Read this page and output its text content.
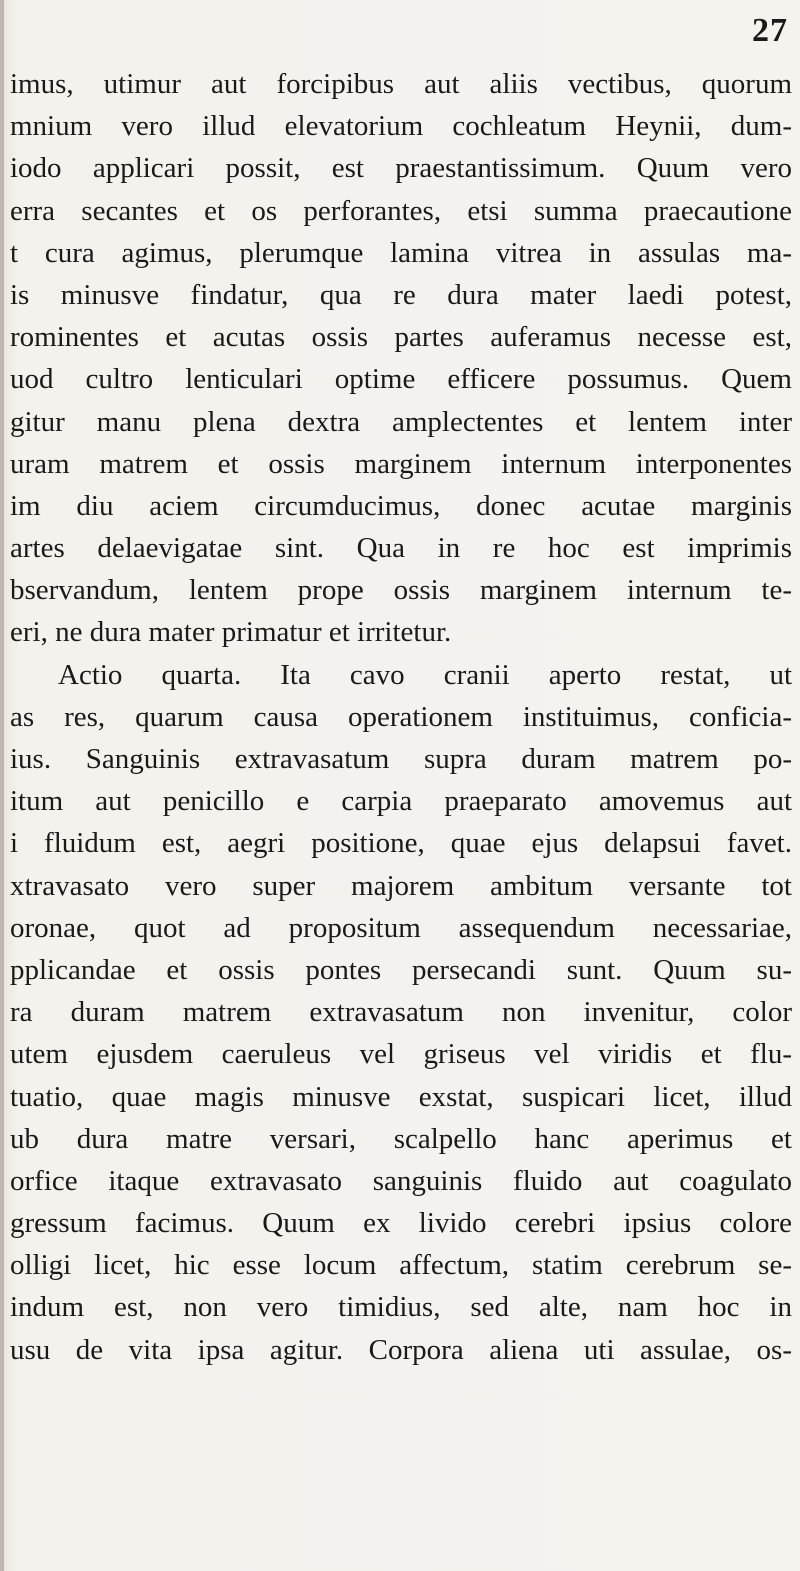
27
imus, utimur aut forcipibus aut aliis vectibus, quorum
mnium vero illud elevatorium cochleatum Heynii, dum-
iodo applicari possit, est praestantissimum. Quum vero
erra secantes et os perforantes, etsi summa praecautione
t cura agimus, plerumque lamina vitrea in assulas ma-
is minusve findatur, qua re dura mater laedi potest,
rominentes et acutas ossis partes auferamus necesse est,
uod cultro lenticulari optime efficere possumus. Quem
gitur manu plena dextra amplectentes et lentem inter
uram matrem et ossis marginem internum interponentes
im diu aciem circumducimus, donec acutae marginis
artes delaevigatae sint. Qua in re hoc est imprimis
bservandum, lentem prope ossis marginem internum te-
eri, ne dura mater primatur et irritetur.
Actio quarta. Ita cavo cranii aperto restat, ut
as res, quarum causa operationem instituimus, conficia-
ius. Sanguinis extravasatum supra duram matrem po-
itum aut penicillo e carpia praeparato amovemus aut
i fluidum est, aegri positione, quae ejus delapsui favet.
xtravasato vero super majorem ambitum versante tot
oronae, quot ad propositum assequendum necessariae,
pplicandae et ossis pontes persecandi sunt. Quum su-
ra duram matrem extravasatum non invenitur, color
utem ejusdem caeruleus vel griseus vel viridis et flu-
tuatio, quae magis minusve exstat, suspicari licet, illud
ub dura matre versari, scalpello hanc aperimus et
orfice itaque extravasato sanguinis fluido aut coagulato
gressum facimus. Quum ex livido cerebri ipsius colore
olligi licet, hic esse locum affectum, statim cerebrum se-
indum est, non vero timidius, sed alte, nam hoc in
usu de vita ipsa agitur. Corpora aliena uti assulae, os-
